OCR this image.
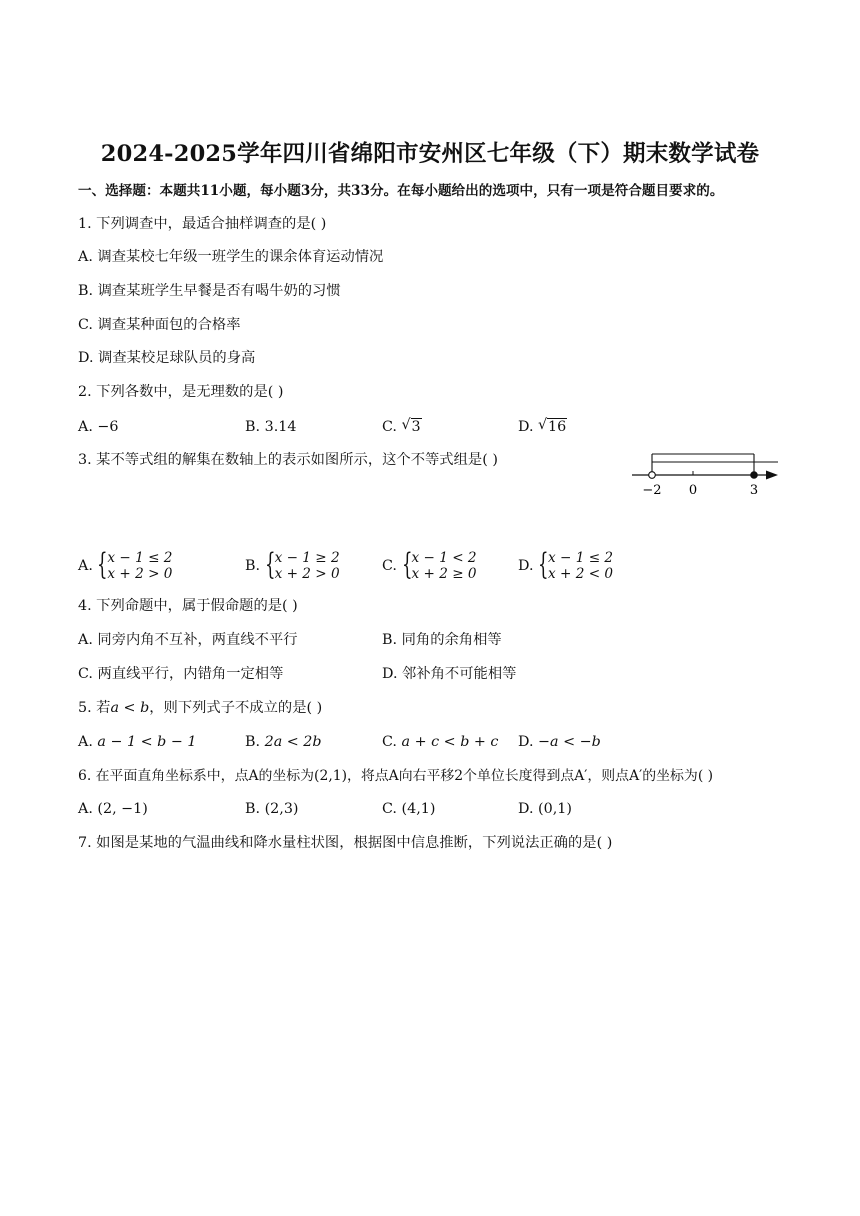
2024-2025学年四川省绵阳市安州区七年级（下）期末数学试卷
一、选择题：本题共11小题，每小题3分，共33分。在每小题给出的选项中，只有一项是符合题目要求的。
1. 下列调查中，最适合抽样调查的是( )
A. 调查某校七年级一班学生的课余体育运动情况
B. 调查某班学生早餐是否有喝牛奶的习惯
C. 调查某种面包的合格率
D. 调查某校足球队员的身高
2. 下列各数中，是无理数的是( )
A. −6	B. 3.14	C. √ 3	D. √ 16
3. 某不等式组的解集在数轴上的表示如图所示，这个不等式组是( )
−2 0	3
A. { x − 1 ≤ 2
x + 2 > 0	B. { x − 1 ≥ 2
x + 2 > 0	C. { x − 1 < 2
x + 2 ≥ 0	D. { x − 1 ≤ 2
x + 2 < 0
4. 下列命题中，属于假命题的是( )
A. 同旁内角不互补，两直线不平行	B. 同角的余角相等
C. 两直线平行，内错角一定相等	D. 邻补角不可能相等
5. 若a < b，则下列式子不成立的是( )
A. a − 1 < b − 1	B. 2a < 2b	C. a + c < b + c D. −a < −b
6. 在平面直角坐标系中，点A的坐标为(2,1)，将点A向右平移2个单位长度得到点A′，则点A′的坐标为( )
A. (2, −1)	B. (2,3)	C. (4,1)	D. (0,1)
7. 如图是某地的气温曲线和降水量柱状图，根据图中信息推断，下列说法正确的是( )
